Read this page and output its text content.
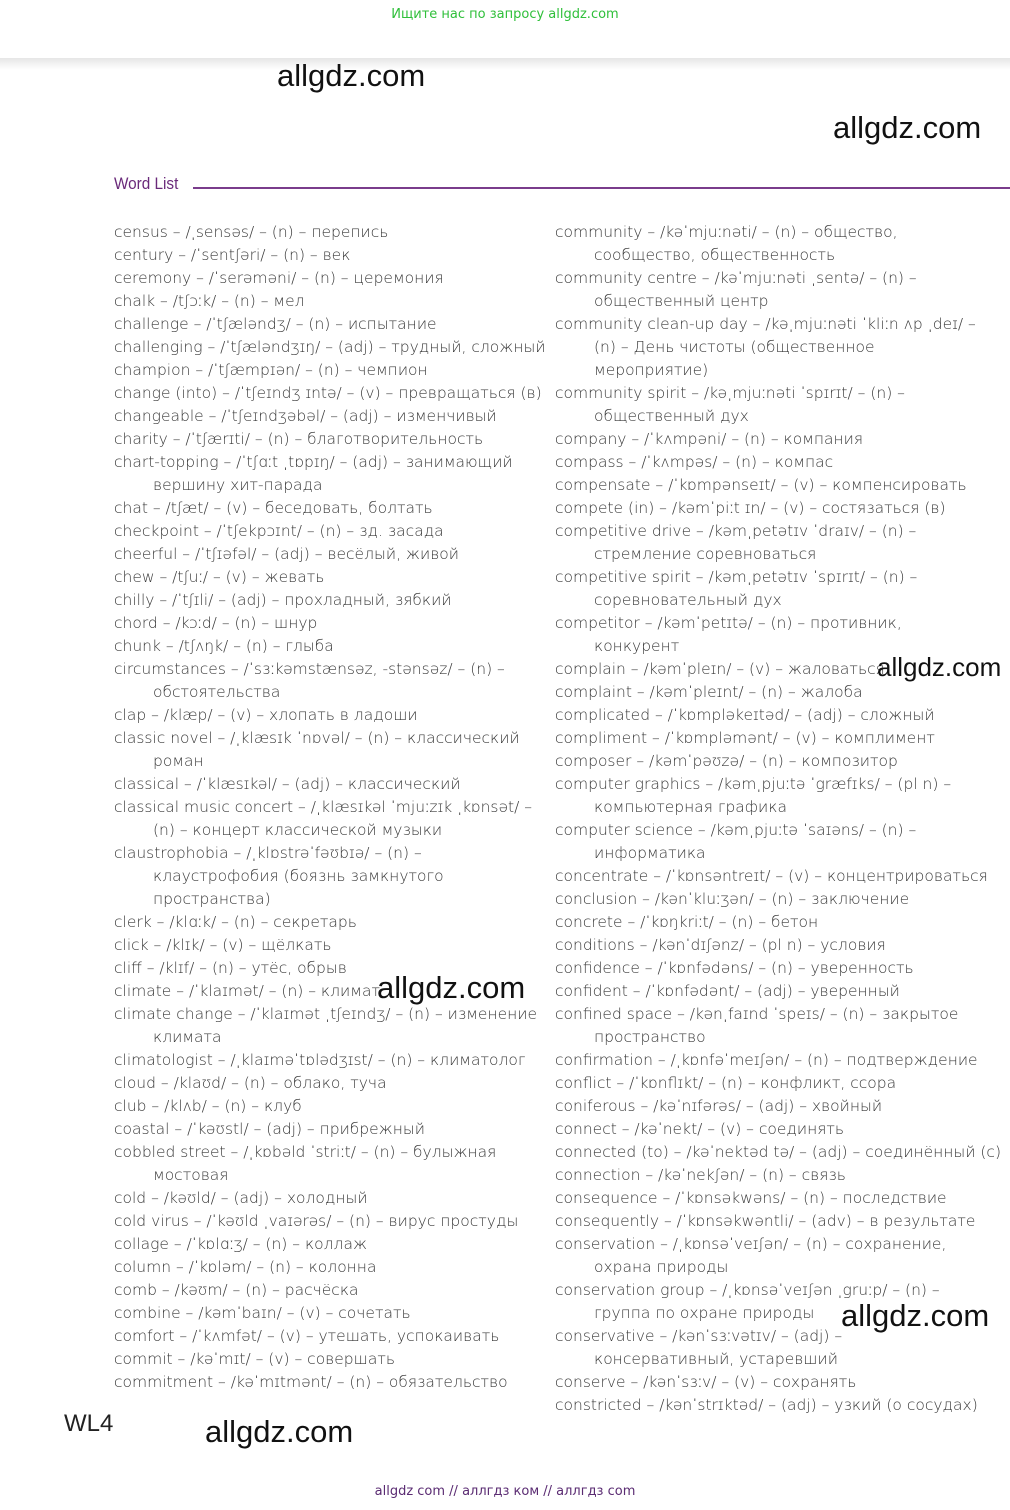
Ищите нас по запросу allgdz.com
allgdz.com
allgdz.com
Word List
census – /ˌsensəs/ – (n) – перепись
century – /ˈsentʃəri/ – (n) – век
ceremony – /ˈserəməni/ – (n) – церемония
chalk – /tʃɔːk/ – (n) – мел
challenge – /ˈtʃæləndʒ/ – (n) – испытание
challenging – /ˈtʃæləndʒɪŋ/ – (adj) – трудный, сложный
champion – /ˈtʃæmpɪən/ – (n) – чемпион
change (into) – /ˈtʃeɪndʒ ɪntə/ – (v) – превращаться (в)
changeable – /ˈtʃeɪndʒəbəl/ – (adj) – изменчивый
charity – /ˈtʃærɪti/ – (n) – благотворительность
chart-topping – /ˈtʃɑːt ˌtɒpɪŋ/ – (adj) – занимающий
вершину хит-парада
chat – /tʃæt/ – (v) – беседовать, болтать
checkpoint – /ˈtʃekpɔɪnt/ – (n) – зд. засада
cheerful – /ˈtʃɪəfəl/ – (adj) – весёлый, живой
chew – /tʃuː/ – (v) – жевать
chilly – /ˈtʃɪli/ – (adj) – прохладный, зябкий
chord – /kɔːd/ – (n) – шнур
chunk – /tʃʌŋk/ – (n) – глыба
circumstances – /ˈsɜːkəmstænsəz, -stənsəz/ – (n) –
обстоятельства
clap – /klæp/ – (v) – хлопать в ладоши
classic novel – /ˌklæsɪk ˈnɒvəl/ – (n) – классический
роман
classical – /ˈklæsɪkəl/ – (adj) – классический
classical music concert – /ˌklæsɪkəl ˈmjuːzɪk ˌkɒnsət/ –
(n) – концерт классической музыки
claustrophobia – /ˌklɒstrəˈfəʊbɪə/ – (n) –
клаустрофобия (боязнь замкнутого
пространства)
clerk – /klɑːk/ – (n) – секретарь
click – /klɪk/ – (v) – щёлкать
cliff – /klɪf/ – (n) – утёс, обрыв
climate – /ˈklaɪmət/ – (n) – климат
climate change – /ˈklaɪmət ˌtʃeɪndʒ/ – (n) – изменение
климата
climatologist – /ˌklaɪməˈtɒlədʒɪst/ – (n) – климатолог
cloud – /klaʊd/ – (n) – облако, туча
club – /klʌb/ – (n) – клуб
coastal – /ˈkəʊstl/ – (adj) – прибрежный
cobbled street – /ˌkɒbəld ˈstriːt/ – (n) – булыжная
мостовая
cold – /kəʊld/ – (adj) – холодный
cold virus – /ˈkəʊld ˌvaɪərəs/ – (n) – вирус простуды
collage – /ˈkɒlɑːʒ/ – (n) – коллаж
column – /ˈkɒləm/ – (n) – колонна
comb – /kəʊm/ – (n) – расчёска
combine – /kəmˈbaɪn/ – (v) – сочетать
comfort – /ˈkʌmfət/ – (v) – утешать, успокаивать
commit – /kəˈmɪt/ – (v) – совершать
commitment – /kəˈmɪtmənt/ – (n) – обязательство
community – /kəˈmjuːnəti/ – (n) – общество,
сообщество, общественность
community centre – /kəˈmjuːnəti ˌsentə/ – (n) –
общественный центр
community clean-up day – /kəˌmjuːnəti ˈkliːn ʌp ˌdeɪ/ –
(n) – День чистоты (общественное
мероприятие)
community spirit – /kəˌmjuːnəti ˈspɪrɪt/ – (n) –
общественный дух
company – /ˈkʌmpəni/ – (n) – компания
compass – /ˈkʌmpəs/ – (n) – компас
compensate – /ˈkɒmpənseɪt/ – (v) – компенсировать
compete (in) – /kəmˈpiːt ɪn/ – (v) – состязаться (в)
competitive drive – /kəmˌpetətɪv ˈdraɪv/ – (n) –
стремление соревноваться
competitive spirit – /kəmˌpetətɪv ˈspɪrɪt/ – (n) –
соревновательный дух
competitor – /kəmˈpetɪtə/ – (n) – противник,
конкурент
complain – /kəmˈpleɪn/ – (v) – жаловаться
complaint – /kəmˈpleɪnt/ – (n) – жалоба
complicated – /ˈkɒmpləkeɪtəd/ – (adj) – сложный
compliment – /ˈkɒmpləmənt/ – (v) – комплимент
composer – /kəmˈpəʊzə/ – (n) – композитор
computer graphics – /kəmˌpjuːtə ˈgræfɪks/ – (pl n) –
компьютерная графика
computer science – /kəmˌpjuːtə ˈsaɪəns/ – (n) –
информатика
concentrate – /ˈkɒnsəntreɪt/ – (v) – концентрироваться
conclusion – /kənˈkluːʒən/ – (n) – заключение
concrete – /ˈkɒŋkriːt/ – (n) – бетон
conditions – /kənˈdɪʃənz/ – (pl n) – условия
confidence – /ˈkɒnfədəns/ – (n) – уверенность
confident – /ˈkɒnfədənt/ – (adj) – уверенный
confined space – /kənˌfaɪnd ˈspeɪs/ – (n) – закрытое
пространство
confirmation – /ˌkɒnfəˈmeɪʃən/ – (n) – подтверждение
conflict – /ˈkɒnflɪkt/ – (n) – конфликт, ссора
coniferous – /kəˈnɪfərəs/ – (adj) – хвойный
connect – /kəˈnekt/ – (v) – соединять
connected (to) – /kəˈnektəd tə/ – (adj) – соединённый (с)
connection – /kəˈnekʃən/ – (n) – связь
consequence – /ˈkɒnsəkwəns/ – (n) – последствие
consequently – /ˈkɒnsəkwəntli/ – (adv) – в результате
conservation – /ˌkɒnsəˈveɪʃən/ – (n) – сохранение,
охрана природы
conservation group – /ˌkɒnsəˈveɪʃən ˌgruːp/ – (n) –
группа по охране природы
conservative – /kənˈsɜːvətɪv/ – (adj) –
консервативный, устаревший
conserve – /kənˈsɜːv/ – (v) – сохранять
constricted – /kənˈstrɪktəd/ – (adj) – узкий (о сосудах)
allgdz.com
allgdz.com
allgdz.com
allgdz.com
WL4
allgdz com // аллгдз ком // аллгдз com
